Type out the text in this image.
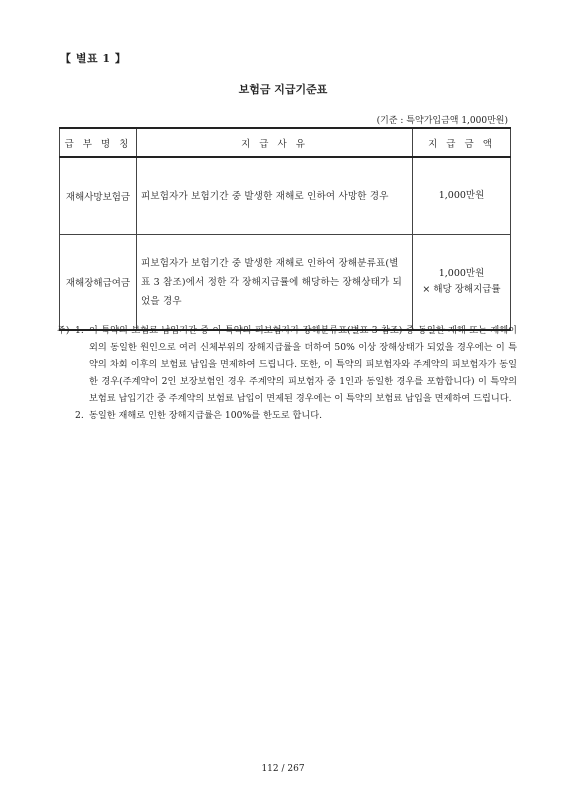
【 별표 1 】
보험금 지급기준표
(기준 : 특약가입금액 1,000만원)
급 부 명 칭	지 급 사 유	지 급 금 액
재해사망보험금	피보험자가 보험기간 중 발생한 재해로 인하여 사망한 경우	1,000만원

재해장해급여금	피보험자가 보험기간 중 발생한 재해로 인하여 장해분류표(별표 3 참조)에서 정한 각 장해지급률에 해당하는 장해상태가 되었을 경우	1,000만원
× 해당 장해지급률
주) 1. 이 특약의 보험료 납입기간 중 이 특약의 피보험자가 장해분류표(별표 3 참조) 중 동일한 재해 또는 재해이외의 동일한 원인으로 여러 신체부위의 장해지급률을 더하여 50% 이상 장해상태가 되었을 경우에는 이 특약의 차회 이후의 보험료 납입을 면제하여 드립니다. 또한, 이 특약의 피보험자와 주계약의 피보험자가 동일한 경우(주계약이 2인 보장보험인 경우 주계약의 피보험자 중 1인과 동일한 경우를 포함합니다) 이 특약의 보험료 납입기간 중 주계약의 보험료 납입이 면제된 경우에는 이 특약의 보험료 납입을 면제하여 드립니다.
2. 동일한 재해로 인한 장해지급률은 100%를 한도로 합니다.
112 / 267
